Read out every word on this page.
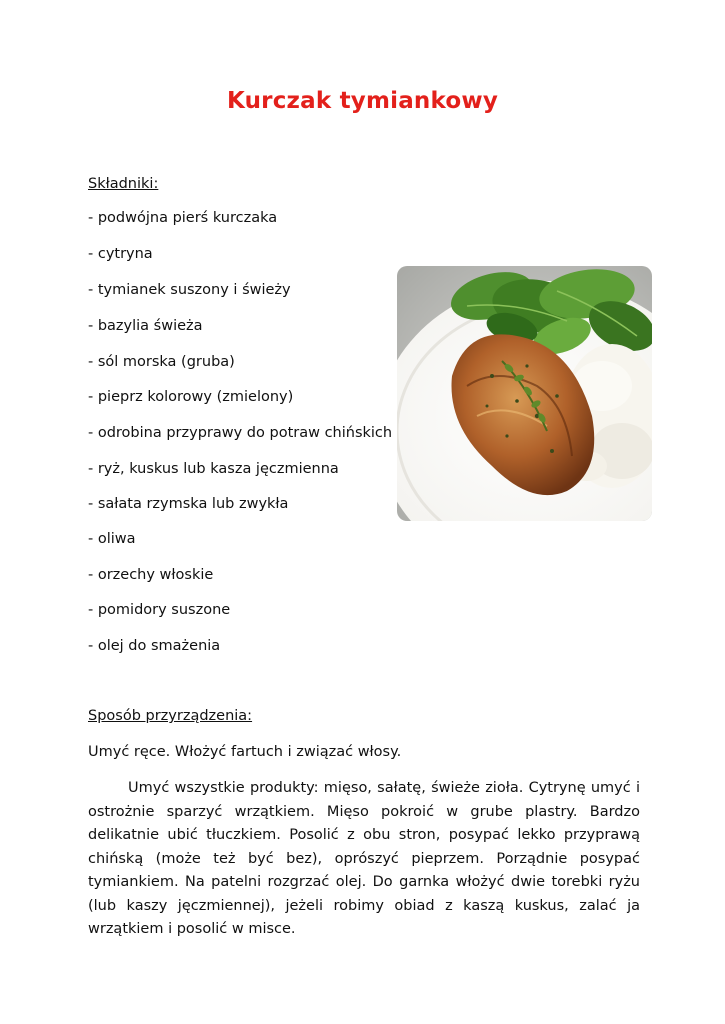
Kurczak tymiankowy
Składniki:
- podwójna pierś kurczaka
- cytryna
- tymianek suszony i świeży
- bazylia świeża
- sól morska (gruba)
- pieprz kolorowy (zmielony)
- odrobina przyprawy do potraw chińskich
- ryż, kuskus lub kasza jęczmienna
- sałata rzymska lub zwykła
- oliwa
- orzechy włoskie
- pomidory suszone
- olej do smażenia
Sposób przyrządzenia:

Umyć ręce. Włożyć fartuch i związać włosy.

Umyć wszystkie produkty: mięso, sałatę, świeże zioła. Cytrynę umyć i ostrożnie sparzyć wrzątkiem. Mięso pokroić w grube plastry. Bardzo delikatnie ubić tłuczkiem. Posolić z obu stron, posypać lekko przyprawą chińską (może też być bez), oprószyć pieprzem. Porządnie posypać tymiankiem. Na patelni rozgrzać olej. Do garnka włożyć dwie torebki ryżu (lub kaszy jęczmiennej), jeżeli robimy obiad z kaszą kuskus, zalać ja wrzątkiem i posolić w misce.
